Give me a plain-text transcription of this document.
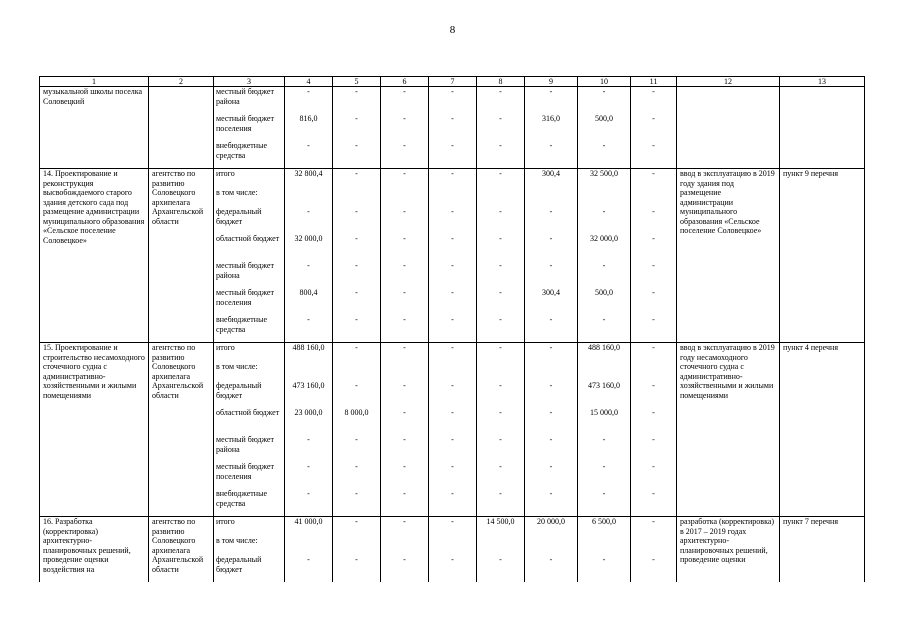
8
1	2	3	4	5	6	7	8	9	10	11	12	13
музыкальной школы поселка Соловецкий		местный бюджет района	-	-	-	-	-	-	-	-		
		местный бюджет поселения	816,0	-	-	-	-	316,0	500,0	-		
		внебюджетные средства	-	-	-	-	-	-	-	-		
14. Проектирование и реконструкция высвобождаемого старого здания детского сада под размещение администрации муниципального образования «Сельское поселение Соловецкое»	агентство по развитию Соловецкого архипелага Архангельской области	итого	32 800,4	-	-	-	-	300,4	32 500,0	-	ввод в эксплуатацию в 2019 году здания под размещение администрации муниципального образования «Сельское поселение Соловецкое»	пункт 9 перечня
		в том числе:										
		федеральный бюджет	-	-	-	-	-	-	-	-		
		областной бюджет	32 000,0	-	-	-	-	-	32 000,0	-		
		местный бюджет района	-	-	-	-	-	-	-	-		
		местный бюджет поселения	800,4	-	-	-	-	300,4	500,0	-		
		внебюджетные средства	-	-	-	-	-	-	-	-		
15. Проектирование и строительство несамоходного сточечного судна с административно-хозяйственными и жилыми помещениями	агентство по развитию Соловецкого архипелага Архангельской области	итого	488 160,0	-	-	-	-	-	488 160,0	-	ввод в эксплуатацию в 2019 году несамоходного сточечного судна с административно-хозяйственными и жилыми помещениями	пункт 4 перечня
		в том числе:										
		федеральный бюджет	473 160,0	-	-	-	-	-	473 160,0	-		
		областной бюджет	23 000,0	8 000,0	-	-	-	-	15 000,0	-		
		местный бюджет района	-	-	-	-	-	-	-	-		
		местный бюджет поселения	-	-	-	-	-	-	-	-		
		внебюджетные средства	-	-	-	-	-	-	-	-		
16. Разработка (корректировка) архитектурно-планировочных решений, проведение оценки воздействия на	агентство по развитию Соловецкого архипелага Архангельской области	итого	41 000,0	-	-	-	14 500,0	20 000,0	6 500,0	-	разработка (корректировка) в 2017 – 2019 годах архитектурно-планировочных решений, проведение оценки	пункт 7 перечня
		в том числе:										
		федеральный бюджет	-	-	-	-	-	-	-	-		
